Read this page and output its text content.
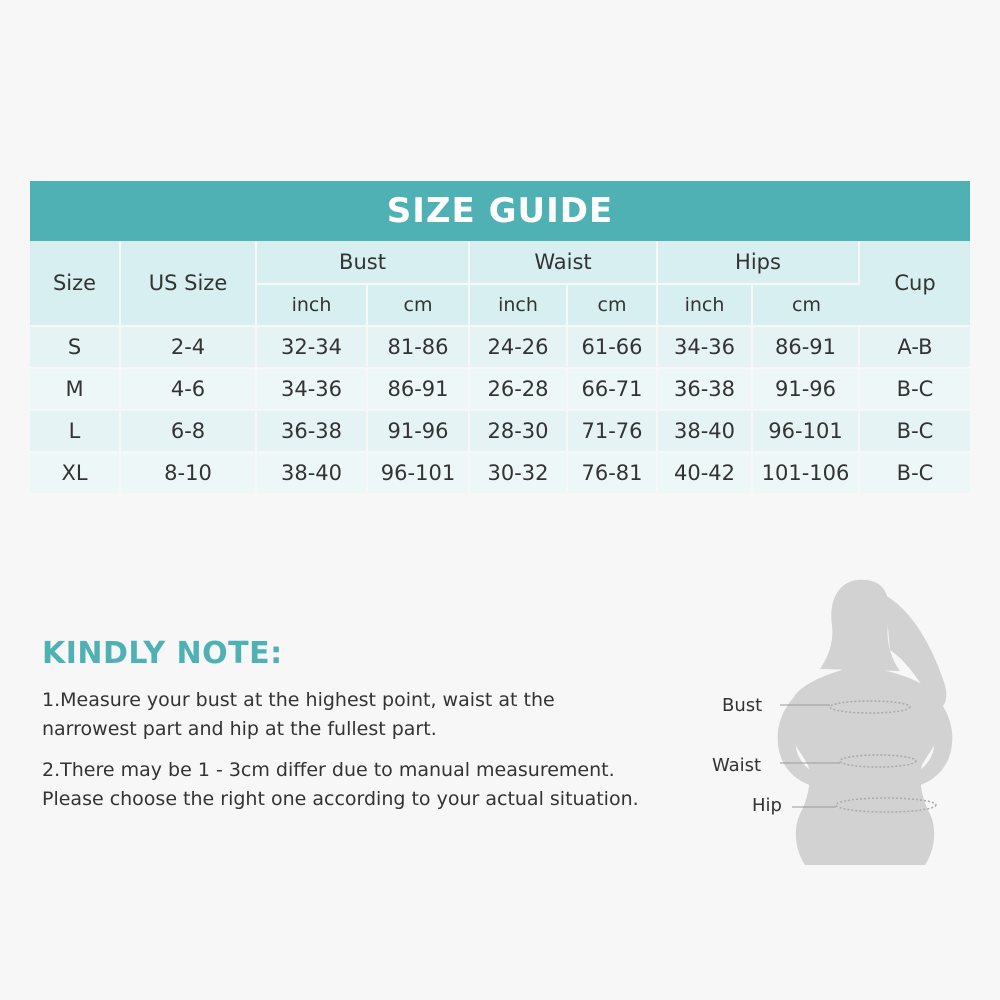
SIZE GUIDE
Size	US Size	Bust		Waist		Hips		Cup
		inch	cm	inch	cm	inch	cm	
S	2-4	32-34	81-86	24-26	61-66	34-36	86-91	A-B
M	4-6	34-36	86-91	26-28	66-71	36-38	91-96	B-C
L	6-8	36-38	91-96	28-30	71-76	38-40	96-101	B-C
XL	8-10	38-40	96-101	30-32	76-81	40-42	101-106	B-C
KINDLY NOTE:
1.Measure your bust at the highest point, waist at the
narrowest part and hip at the fullest part.
2.There may be 1 - 3cm differ due to manual measurement.
Please choose the right one according to your actual situation.
Bust
Waist
Hip
